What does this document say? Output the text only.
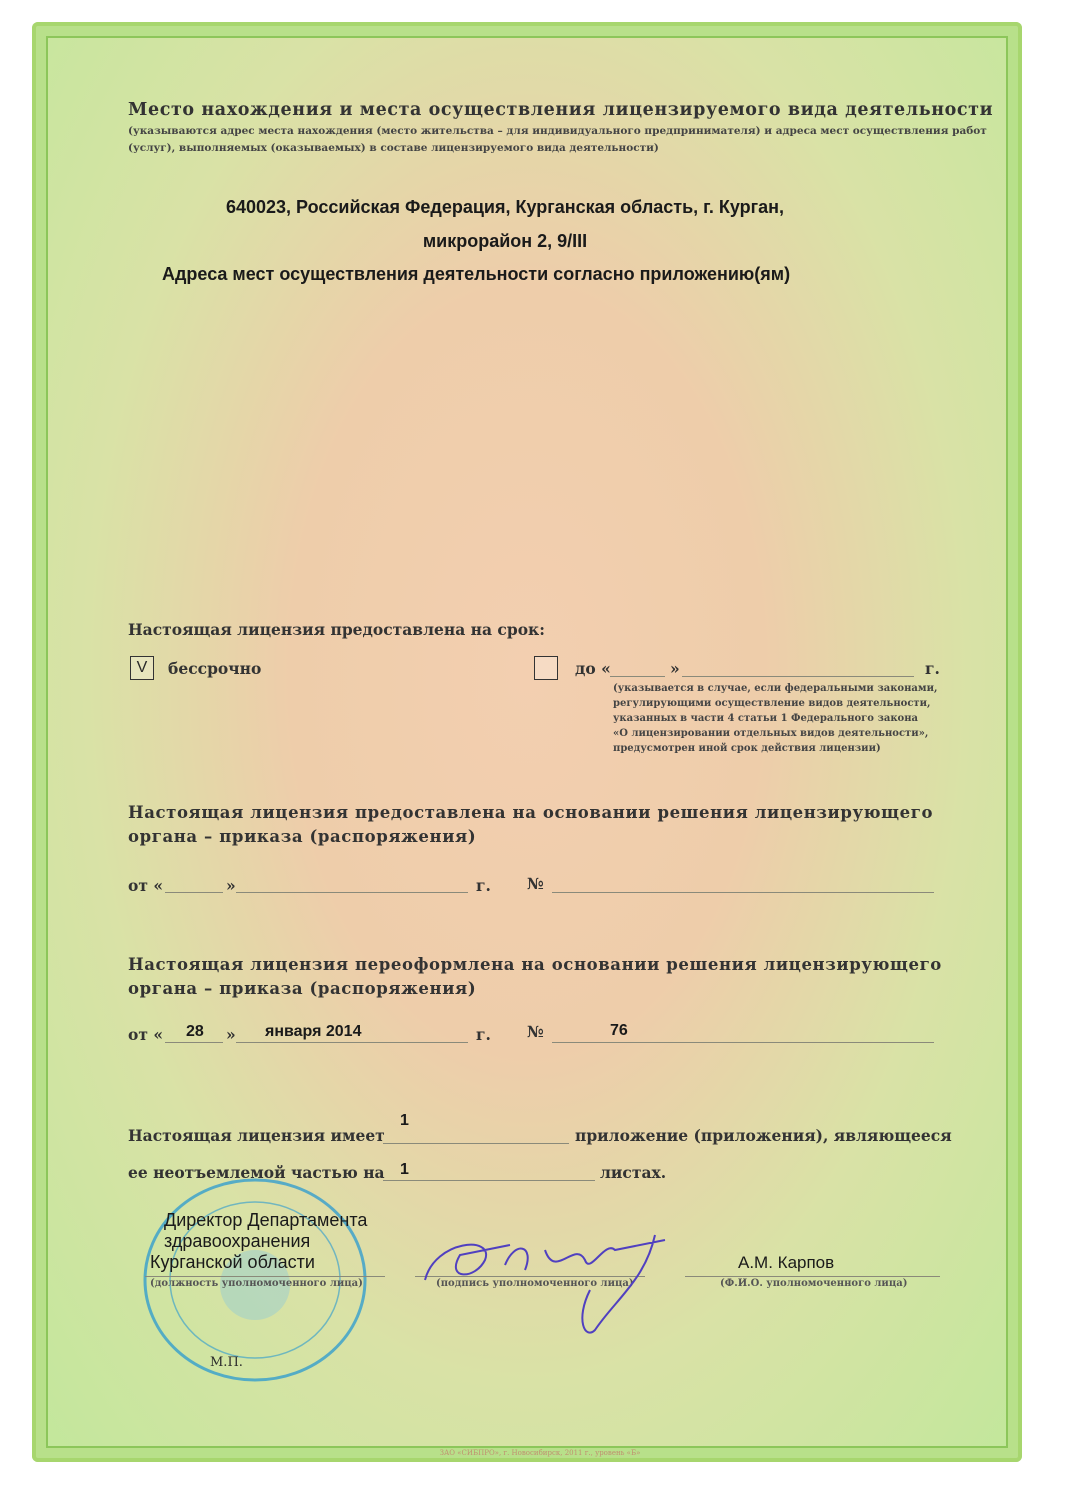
Место нахождения и места осуществления лицензируемого вида деятельности
(указываются адрес места нахождения (место жительства – для индивидуального предпринимателя) и адреса мест осуществления работ
(услуг), выполняемых (оказываемых) в составе лицензируемого вида деятельности)
640023, Российская Федерация, Курганская область, г. Курган,
микрорайон 2, 9/III
Адреса мест осуществления деятельности согласно приложению(ям)
Настоящая лицензия предоставлена на срок:
V	бессрочно	до «	»	г.
(указывается в случае, если федеральными законами,
регулирующими осуществление видов деятельности,
указанных в части 4 статьи 1 Федерального закона
«О лицензировании отдельных видов деятельности»,
предусмотрен иной срок действия лицензии)
Настоящая лицензия предоставлена на основании решения лицензирующего
органа – приказа (распоряжения)
от «	»	г. №
Настоящая лицензия переоформлена на основании решения лицензирующего
органа – приказа (распоряжения)
от « 28 » января 2014	г. №	76
Настоящая лицензия имеет
1
приложение (приложения), являющееся
ее неотъемлемой частью на 1	листах.
Директор Департамента
здравоохранения
Курганской области
(должность уполномоченного лица)	(подпись уполномоченного лица)
А.М. Карпов
(Ф.И.О. уполномоченного лица)
М.П.
ЗАО «СИБПРО», г. Новосибирск, 2011 г., уровень «Б»
